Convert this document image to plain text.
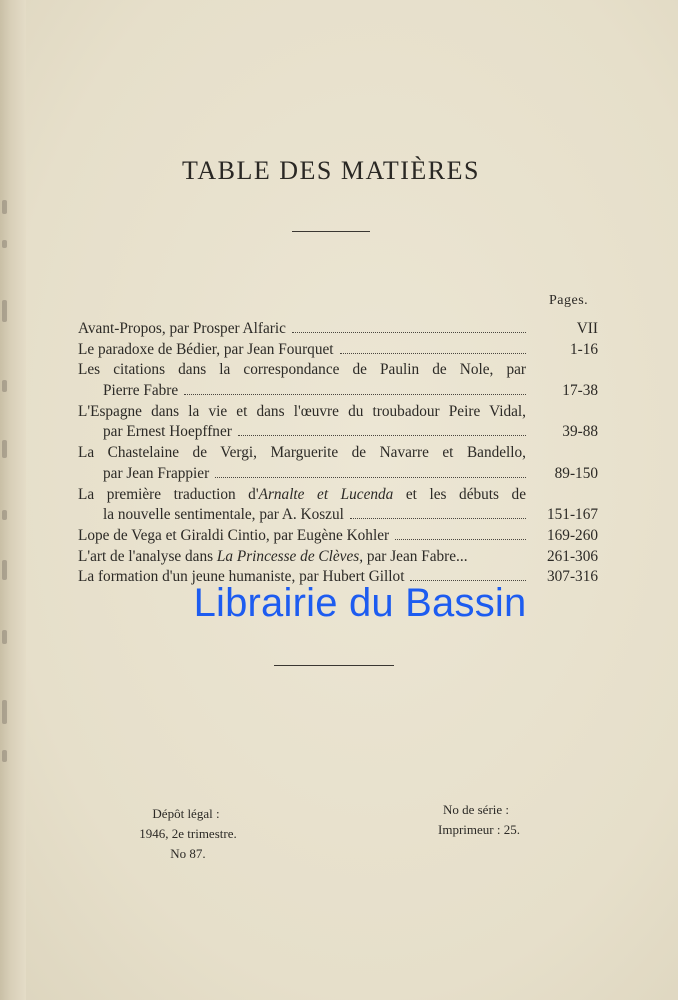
TABLE DES MATIÈRES
Pages.
Avant-Propos, par Prosper Alfaric	VII
Le paradoxe de Bédier, par Jean Fourquet	1-16
Les citations dans la correspondance de Paulin de Nole, par
Pierre Fabre	17-38
L'Espagne dans la vie et dans l'œuvre du troubadour Peire Vidal,
par Ernest Hoepffner	39-88
La Chastelaine de Vergi, Marguerite de Navarre et Bandello,
par Jean Frappier	89-150
La première traduction d'Arnalte et Lucenda et les débuts de
la nouvelle sentimentale, par A. Koszul	151-167
Lope de Vega et Giraldi Cintio, par Eugène Kohler	169-260
L'art de l'analyse dans La Princesse de Clèves, par Jean Fabre...	261-306
La formation d'un jeune humaniste, par Hubert Gillot	307-316
Librairie du Bassin
Dépôt légal :
1946, 2e trimestre.
No 87.
No de série :
Imprimeur : 25.
